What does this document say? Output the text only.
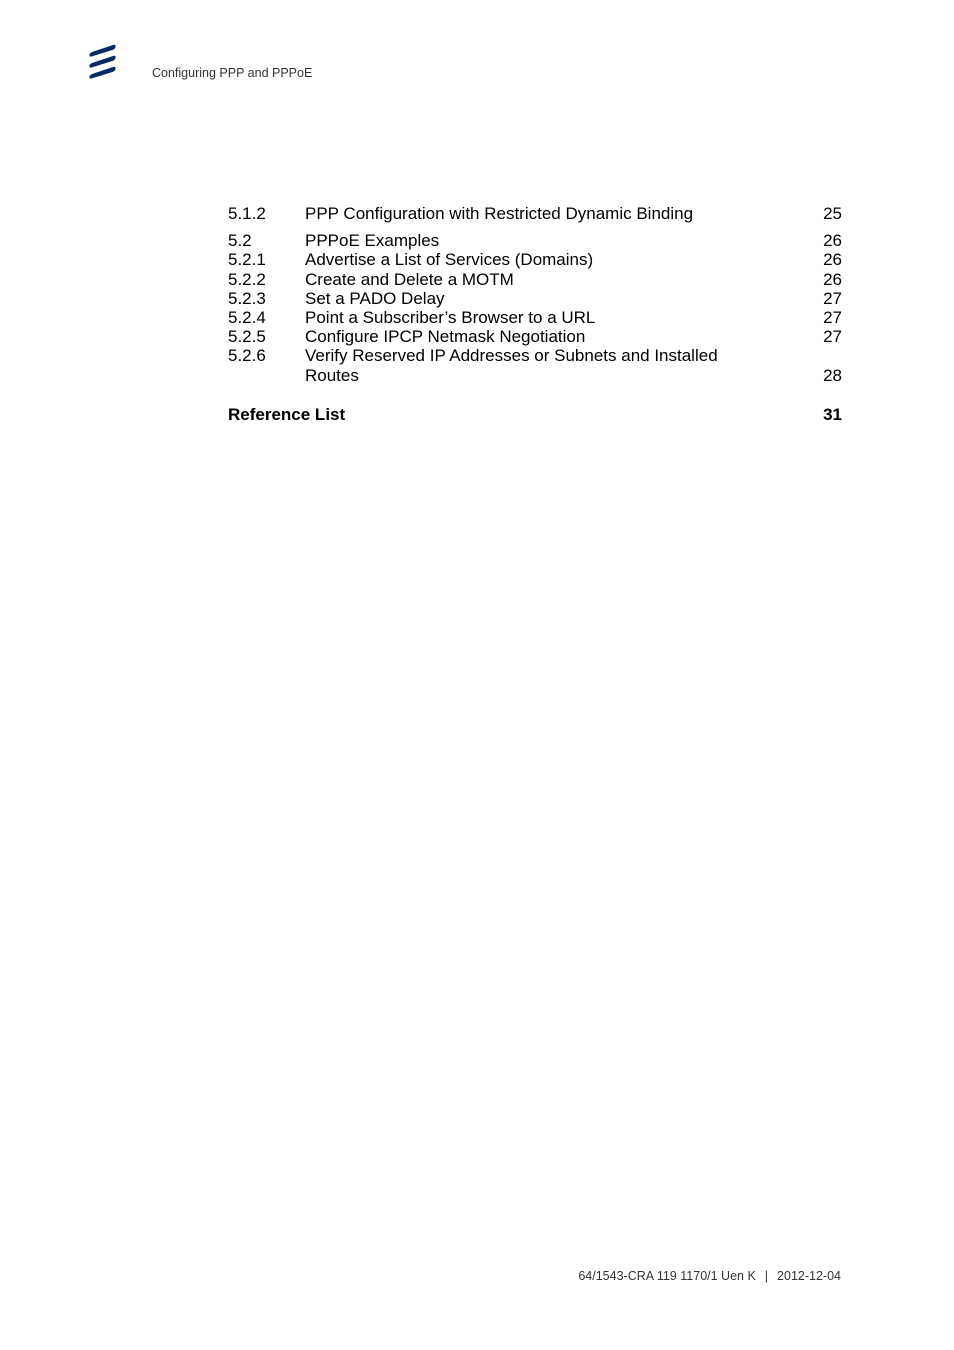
Configuring PPP and PPPoE
5.1.2	PPP Configuration with Restricted Dynamic Binding	25
5.2	PPPoE Examples	26
5.2.1	Advertise a List of Services (Domains)	26
5.2.2	Create and Delete a MOTM	26
5.2.3	Set a PADO Delay	27
5.2.4	Point a Subscriber’s Browser to a URL	27
5.2.5	Configure IPCP Netmask Negotiation	27
5.2.6	Verify Reserved IP Addresses or Subnets and Installed Routes	28
Reference List	31
64/1543-CRA 119 1170/1 Uen K | 2012-12-04
